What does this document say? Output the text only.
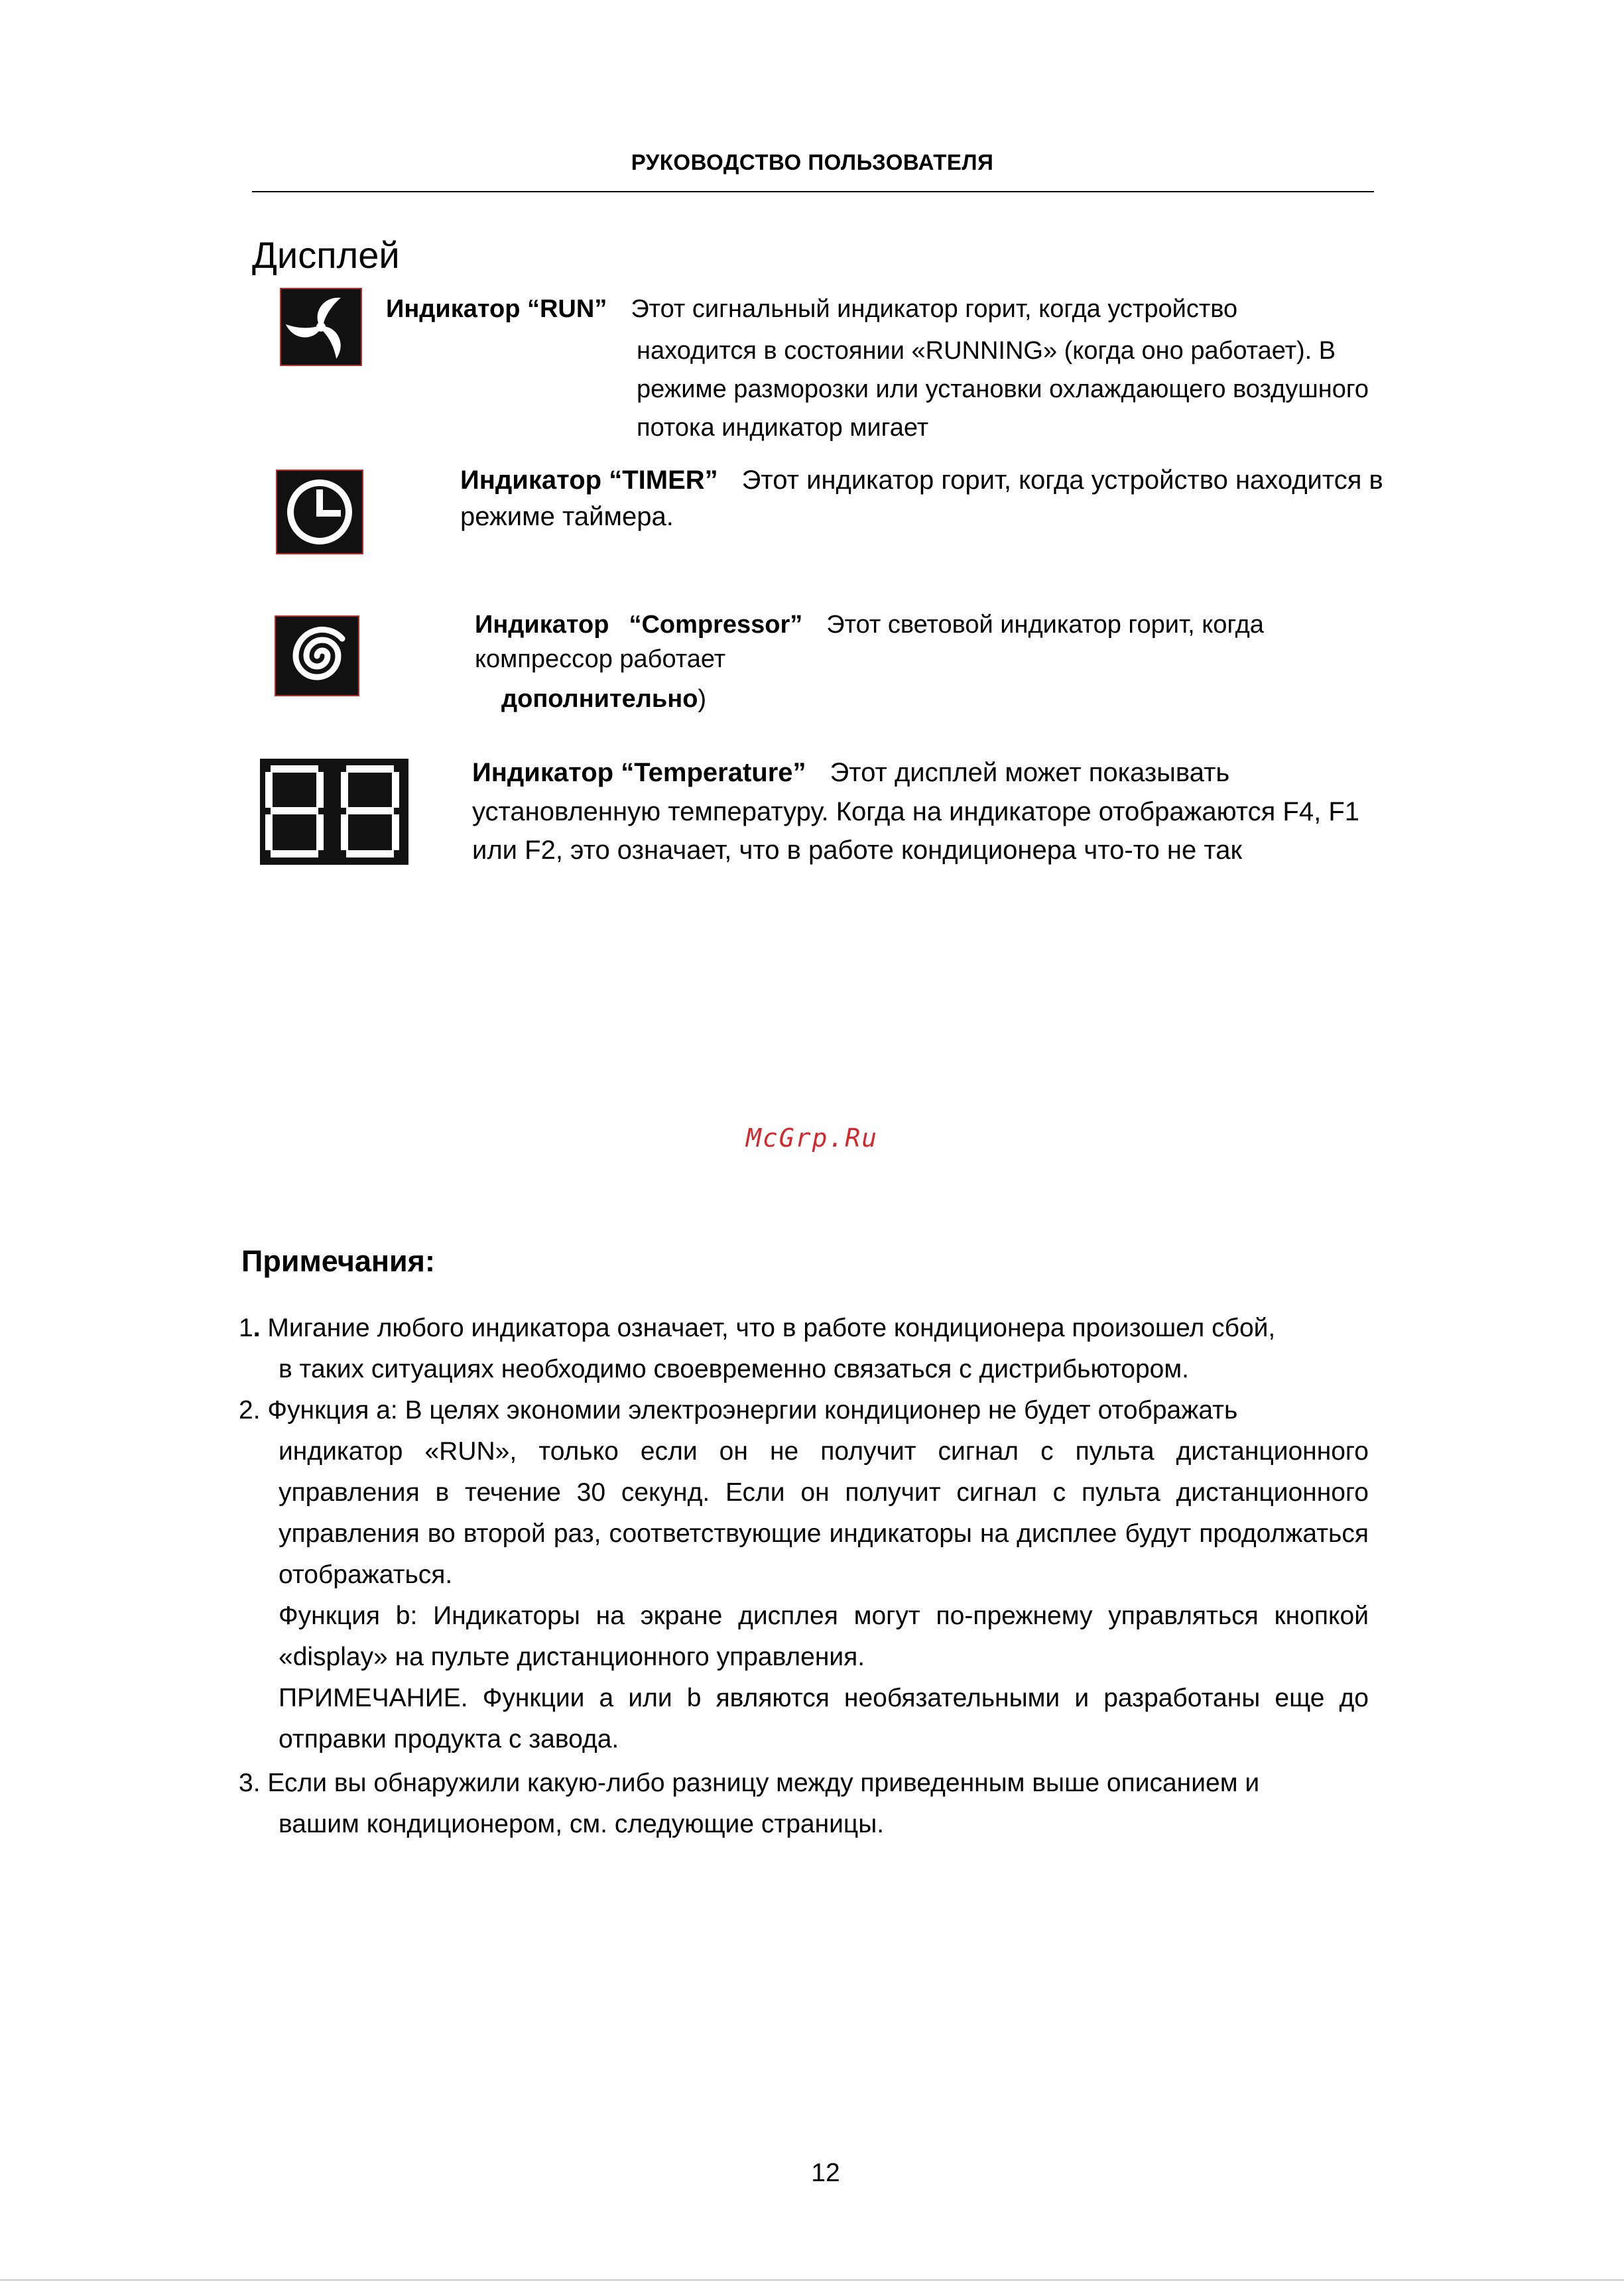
РУКОВОДСТВО ПОЛЬЗОВАТЕЛЯ
Дисплей
Индикатор “RUN” Этот сигнальный индикатор горит, когда устройство
находится в состоянии «RUNNING» (когда оно работает). В
режиме разморозки или установки охлаждающего воздушного
потока индикатор мигает
Индикатор “TIMER” Этот индикатор горит, когда устройство находится в
режиме таймера.
Индикатор “Compressor” Этот световой индикатор горит, когда
компрессор работает
дополнительно)
Индикатор “Temperature” Этот дисплей может показывать
установленную температуру. Когда на индикаторе отображаются F4, F1
или F2, это означает, что в работе кондиционера что-то не так
McGrp.Ru
Примечания:
1. Мигание любого индикатора означает, что в работе кондиционера произошел сбой,
в таких ситуациях необходимо своевременно связаться с дистрибьютором.
2. Функция a: В целях экономии электроэнергии кондиционер не будет отображать
индикатор «RUN», только если он не получит сигнал с пульта дистанционного управления в течение 30 секунд. Если он получит сигнал с пульта дистанционного управления во второй раз, соответствующие индикаторы на дисплее будут продолжаться отображаться.
Функция b: Индикаторы на экране дисплея могут по-прежнему управляться кнопкой «display» на пульте дистанционного управления.
ПРИМЕЧАНИЕ. Функции a или b являются необязательными и разработаны еще до отправки продукта с завода.
3. Если вы обнаружили какую-либо разницу между приведенным выше описанием и
вашим кондиционером, см. следующие страницы.
12
